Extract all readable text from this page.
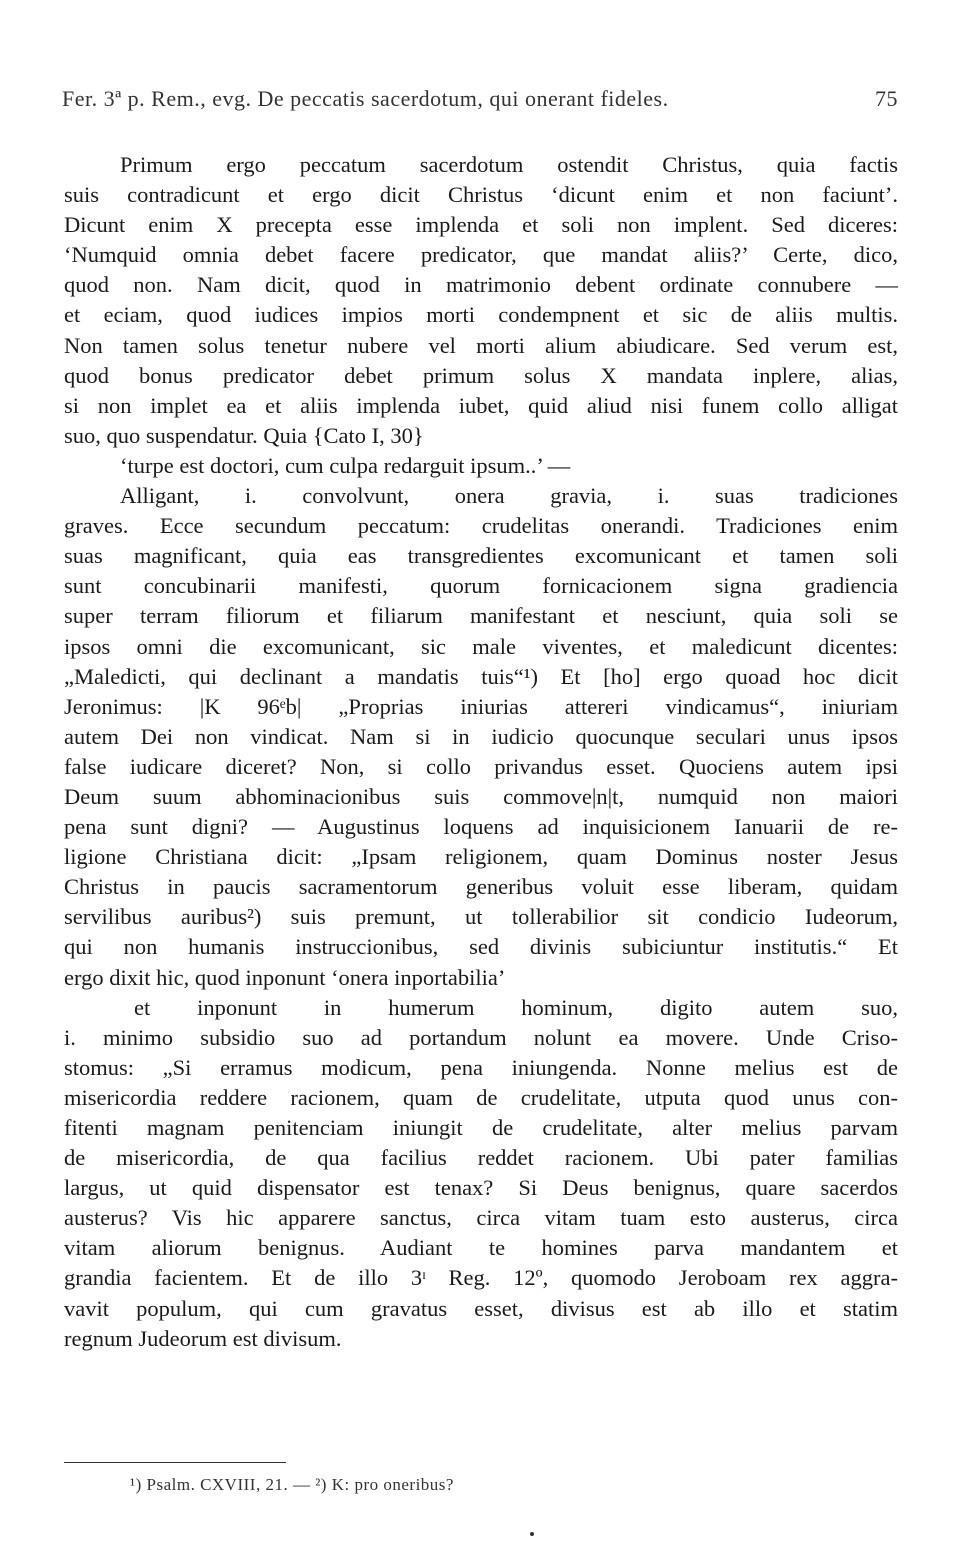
Fer. 3ª p. Rem., evg. De peccatis sacerdotum, qui onerant fideles.	75
Primum ergo peccatum sacerdotum ostendit Christus, quia factis
suis contradicunt et ergo dicit Christus ‘dicunt enim et non faciunt’.
Dicunt enim X precepta esse implenda et soli non implent. Sed diceres:
‘Numquid omnia debet facere predicator, que mandat aliis?’ Certe, dico,
quod non. Nam dicit, quod in matrimonio debent ordinate connubere —
et eciam, quod iudices impios morti condempnent et sic de aliis multis.
Non tamen solus tenetur nubere vel morti alium abiudicare. Sed verum est,
quod bonus predicator debet primum solus X mandata inplere, alias,
si non implet ea et aliis implenda iubet, quid aliud nisi funem collo alligat
suo, quo suspendatur. Quia {Cato I, 30}
‘turpe est doctori, cum culpa redarguit ipsum..’ —
Alligant, i. convolvunt, onera gravia, i. suas tradiciones
graves. Ecce secundum peccatum: crudelitas onerandi. Tradiciones enim
suas magnificant, quia eas transgredientes excomunicant et tamen soli
sunt concubinarii manifesti, quorum fornicacionem signa gradiencia
super terram filiorum et filiarum manifestant et nesciunt, quia soli se
ipsos omni die excomunicant, sic male viventes, et maledicunt dicentes:
„Maledicti, qui declinant a mandatis tuis“¹) Et [ho] ergo quoad hoc dicit
Jeronimus: |K 96ᵉb| „Proprias iniurias attereri vindicamus“, iniuriam
autem Dei non vindicat. Nam si in iudicio quocunque seculari unus ipsos
false iudicare diceret? Non, si collo privandus esset. Quociens autem ipsi
Deum suum abhominacionibus suis commove|n|t, numquid non maiori
pena sunt digni? — Augustinus loquens ad inquisicionem Ianuarii de re-
ligione Christiana dicit: „Ipsam religionem, quam Dominus noster Jesus
Christus in paucis sacramentorum generibus voluit esse liberam, quidam
servilibus auribus²) suis premunt, ut tollerabilior sit condicio Iudeorum,
qui non humanis instruccionibus, sed divinis subiciuntur institutis.“ Et
ergo dixit hic, quod inponunt ‘onera inportabilia’
et inponunt in humerum hominum, digito autem suo,
i. minimo subsidio suo ad portandum nolunt ea movere. Unde Criso-
stomus: „Si erramus modicum, pena iniungenda. Nonne melius est de
misericordia reddere racionem, quam de crudelitate, utputa quod unus con-
fitenti magnam penitenciam iniungit de crudelitate, alter melius parvam
de misericordia, de qua facilius reddet racionem. Ubi pater familias
largus, ut quid dispensator est tenax? Si Deus benignus, quare sacerdos
austerus? Vis hic apparere sanctus, circa vitam tuam esto austerus, circa
vitam aliorum benignus. Audiant te homines parva mandantem et
grandia facientem. Et de illo 3ᶦ Reg. 12º, quomodo Jeroboam rex aggra-
vavit populum, qui cum gravatus esset, divisus est ab illo et statim
regnum Judeorum est divisum.
¹) Psalm. CXVIII, 21. — ²) K: pro oneribus?
